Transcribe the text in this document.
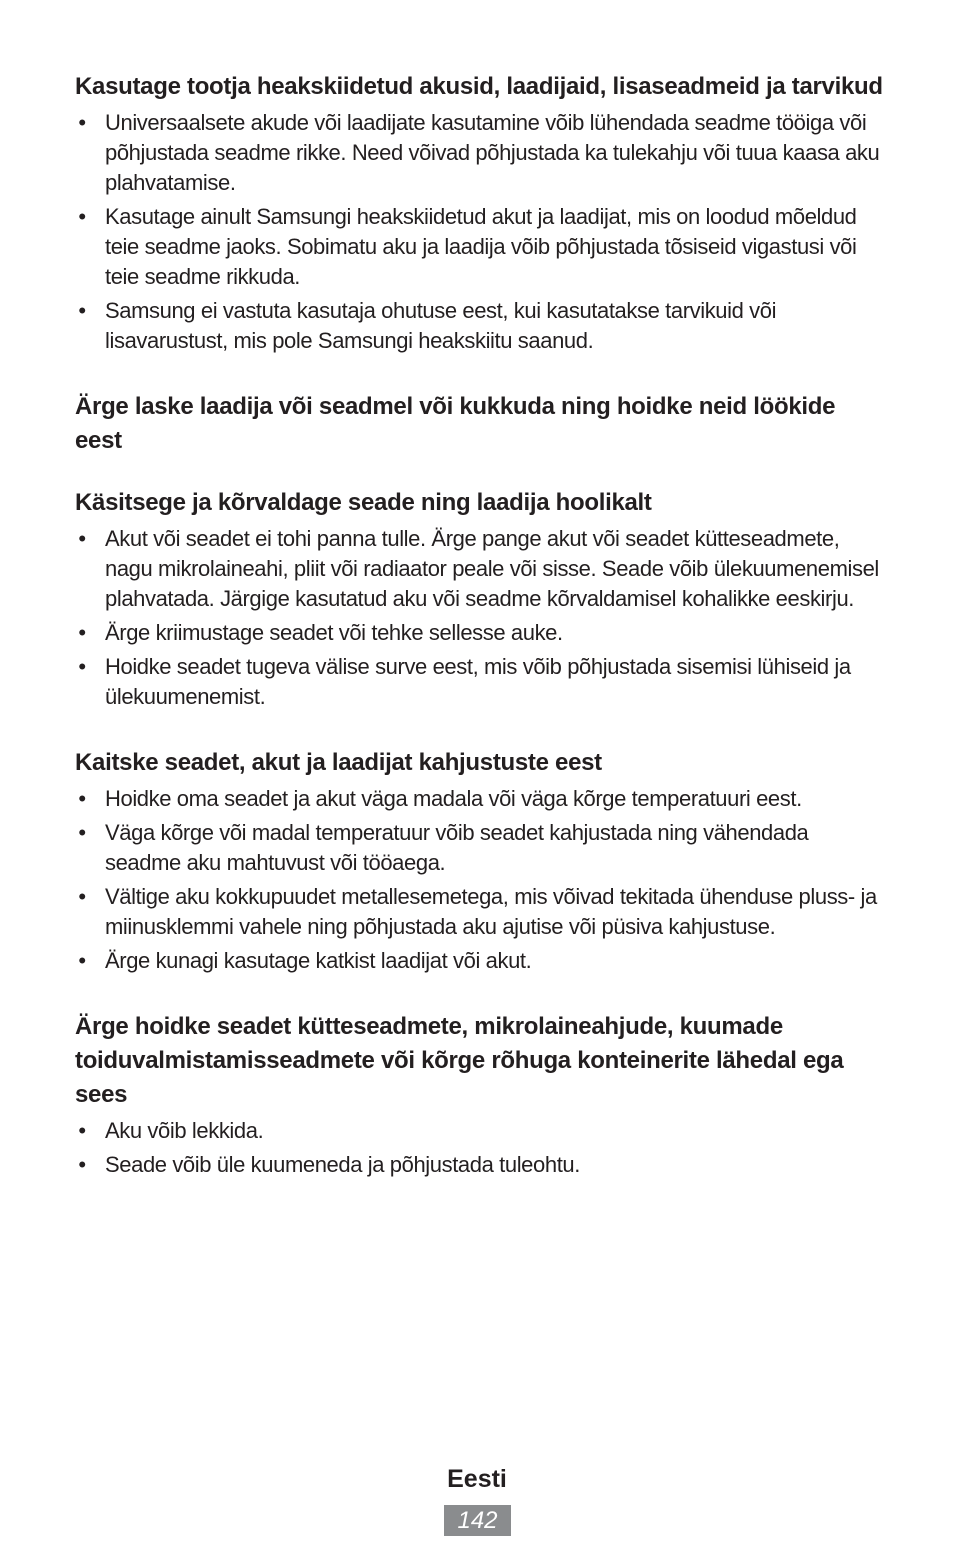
Kasutage tootja heakskiidetud akusid, laadijaid, lisaseadmeid ja tarvikud
• Universaalsete akude või laadijate kasutamine võib lühendada seadme tööiga või põhjustada seadme rikke. Need võivad põhjustada ka tulekahju või tuua kaasa aku plahvatamise.
• Kasutage ainult Samsungi heakskiidetud akut ja laadijat, mis on loodud mõeldud teie seadme jaoks. Sobimatu aku ja laadija võib põhjustada tõsiseid vigastusi või teie seadme rikkuda.
• Samsung ei vastuta kasutaja ohutuse eest, kui kasutatakse tarvikuid või lisavarustust, mis pole Samsungi heakskiitu saanud.
Ärge laske laadija või seadmel või kukkuda ning hoidke neid löökide eest
Käsitsege ja kõrvaldage seade ning laadija hoolikalt
• Akut või seadet ei tohi panna tulle. Ärge pange akut või seadet kütteseadmete, nagu mikrolaineahi, pliit või radiaator peale või sisse. Seade võib ülekuumenemisel plahvatada. Järgige kasutatud aku või seadme kõrvaldamisel kohalikke eeskirju.
• Ärge kriimustage seadet või tehke sellesse auke.
• Hoidke seadet tugeva välise surve eest, mis võib põhjustada sisemisi lühiseid ja ülekuumenemist.
Kaitske seadet, akut ja laadijat kahjustuste eest
• Hoidke oma seadet ja akut väga madala või väga kõrge temperatuuri eest.
• Väga kõrge või madal temperatuur võib seadet kahjustada ning vähendada seadme aku mahtuvust või tööaega.
• Vältige aku kokkupuudet metallesemetega, mis võivad tekitada ühenduse pluss- ja miinusklemmi vahele ning põhjustada aku ajutise või püsiva kahjustuse.
• Ärge kunagi kasutage katkist laadijat või akut.
Ärge hoidke seadet kütteseadmete, mikrolaineahjude, kuumade toiduvalmistamisseadmete või kõrge rõhuga konteinerite lähedal ega sees
• Aku võib lekkida.
• Seade võib üle kuumeneda ja põhjustada tuleohtu.
Eesti
142
